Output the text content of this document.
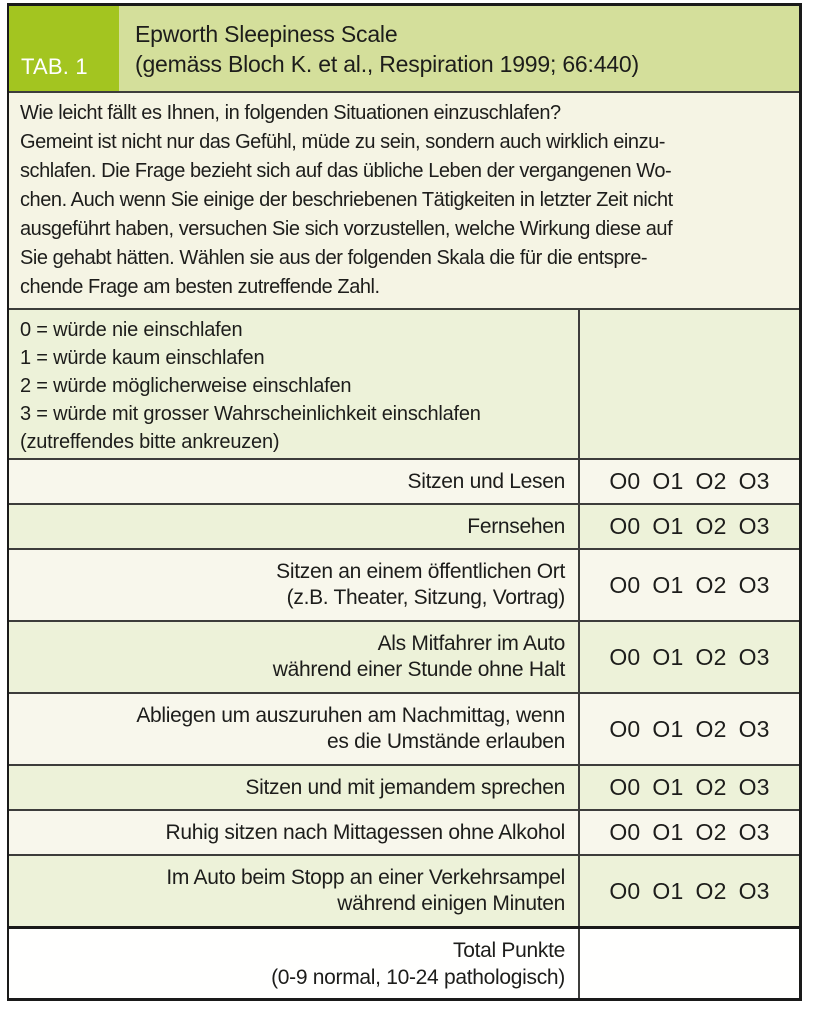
TAB. 1
Epworth Sleepiness Scale
(gemäss Bloch K. et al., Respiration 1999; 66:440)
Wie leicht fällt es Ihnen, in folgenden Situationen einzuschlafen?
Gemeint ist nicht nur das Gefühl, müde zu sein, sondern auch wirklich einzu-
schlafen. Die Frage bezieht sich auf das übliche Leben der vergangenen Wo-
chen. Auch wenn Sie einige der beschriebenen Tätigkeiten in letzter Zeit nicht
ausgeführt haben, versuchen Sie sich vorzustellen, welche Wirkung diese auf
Sie gehabt hätten. Wählen sie aus der folgenden Skala die für die entspre-
chende Frage am besten zutreffende Zahl.
0 = würde nie einschlafen
1 = würde kaum einschlafen
2 = würde möglicherweise einschlafen
3 = würde mit grosser Wahrscheinlichkeit einschlafen
(zutreffendes bitte ankreuzen)
Sitzen und Lesen	O0 O1 O2 O3
Fernsehen	O0 O1 O2 O3
Sitzen an einem öffentlichen Ort
(z.B. Theater, Sitzung, Vortrag)	O0 O1 O2 O3
Als Mitfahrer im Auto
während einer Stunde ohne Halt	O0 O1 O2 O3
Abliegen um auszuruhen am Nachmittag, wenn
es die Umstände erlauben	O0 O1 O2 O3
Sitzen und mit jemandem sprechen	O0 O1 O2 O3
Ruhig sitzen nach Mittagessen ohne Alkohol	O0 O1 O2 O3
Im Auto beim Stopp an einer Verkehrsampel
während einigen Minuten	O0 O1 O2 O3
Total Punkte
(0-9 normal, 10-24 pathologisch)
